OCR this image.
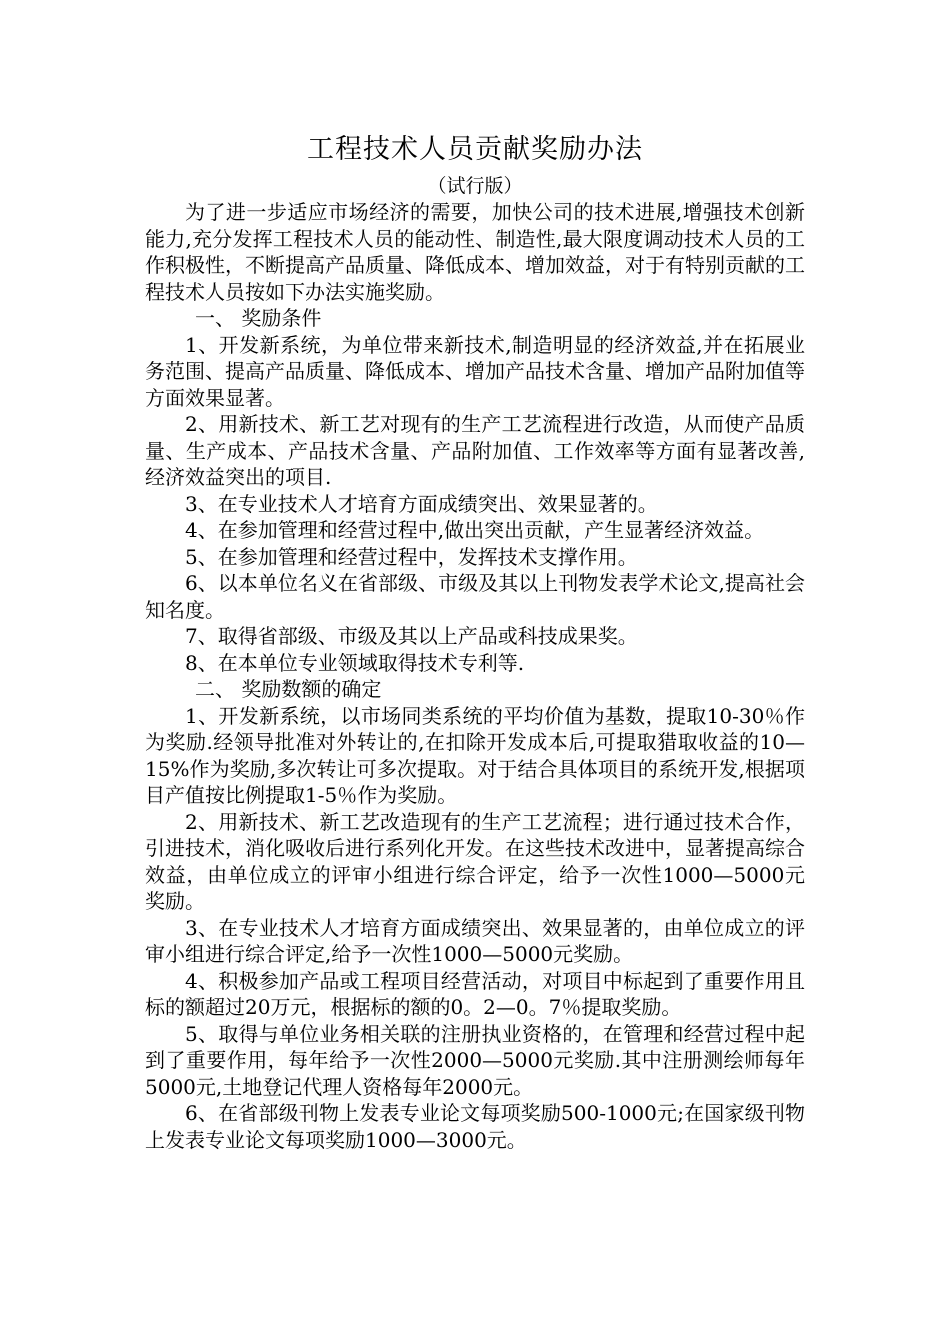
工程技术人员贡献奖励办法
（试行版）

为了进一步适应市场经济的需要，加快公司的技术进展,增强技术创新能力,充分发挥工程技术人员的能动性、制造性,最大限度调动技术人员的工作积极性，不断提高产品质量、降低成本、增加效益，对于有特别贡献的工程技术人员按如下办法实施奖励。

一、 奖励条件

1、开发新系统，为单位带来新技术,制造明显的经济效益,并在拓展业务范围、提高产品质量、降低成本、增加产品技术含量、增加产品附加值等方面效果显著。

2、用新技术、新工艺对现有的生产工艺流程进行改造，从而使产品质量、生产成本、产品技术含量、产品附加值、工作效率等方面有显著改善,经济效益突出的项目.

3、在专业技术人才培育方面成绩突出、效果显著的。

4、在参加管理和经营过程中,做出突出贡献，产生显著经济效益。

5、在参加管理和经营过程中，发挥技术支撑作用。

6、以本单位名义在省部级、市级及其以上刊物发表学术论文,提高社会知名度。

7、取得省部级、市级及其以上产品或科技成果奖。

8、在本单位专业领域取得技术专利等.

二、 奖励数额的确定

1、开发新系统，以市场同类系统的平均价值为基数，提取10-30％作为奖励.经领导批准对外转让的,在扣除开发成本后,可提取猎取收益的10—15%作为奖励,多次转让可多次提取。对于结合具体项目的系统开发,根据项目产值按比例提取1-5％作为奖励。

2、用新技术、新工艺改造现有的生产工艺流程；进行通过技术合作，引进技术，消化吸收后进行系列化开发。在这些技术改进中，显著提高综合效益，由单位成立的评审小组进行综合评定，给予一次性1000—5000元奖励。

3、在专业技术人才培育方面成绩突出、效果显著的，由单位成立的评审小组进行综合评定,给予一次性1000—5000元奖励。

4、积极参加产品或工程项目经营活动，对项目中标起到了重要作用且标的额超过20万元，根据标的额的0。2—0。7％提取奖励。

5、取得与单位业务相关联的注册执业资格的，在管理和经营过程中起到了重要作用，每年给予一次性2000—5000元奖励.其中注册测绘师每年5000元,土地登记代理人资格每年2000元。

6、在省部级刊物上发表专业论文每项奖励500-1000元;在国家级刊物上发表专业论文每项奖励1000—3000元。
